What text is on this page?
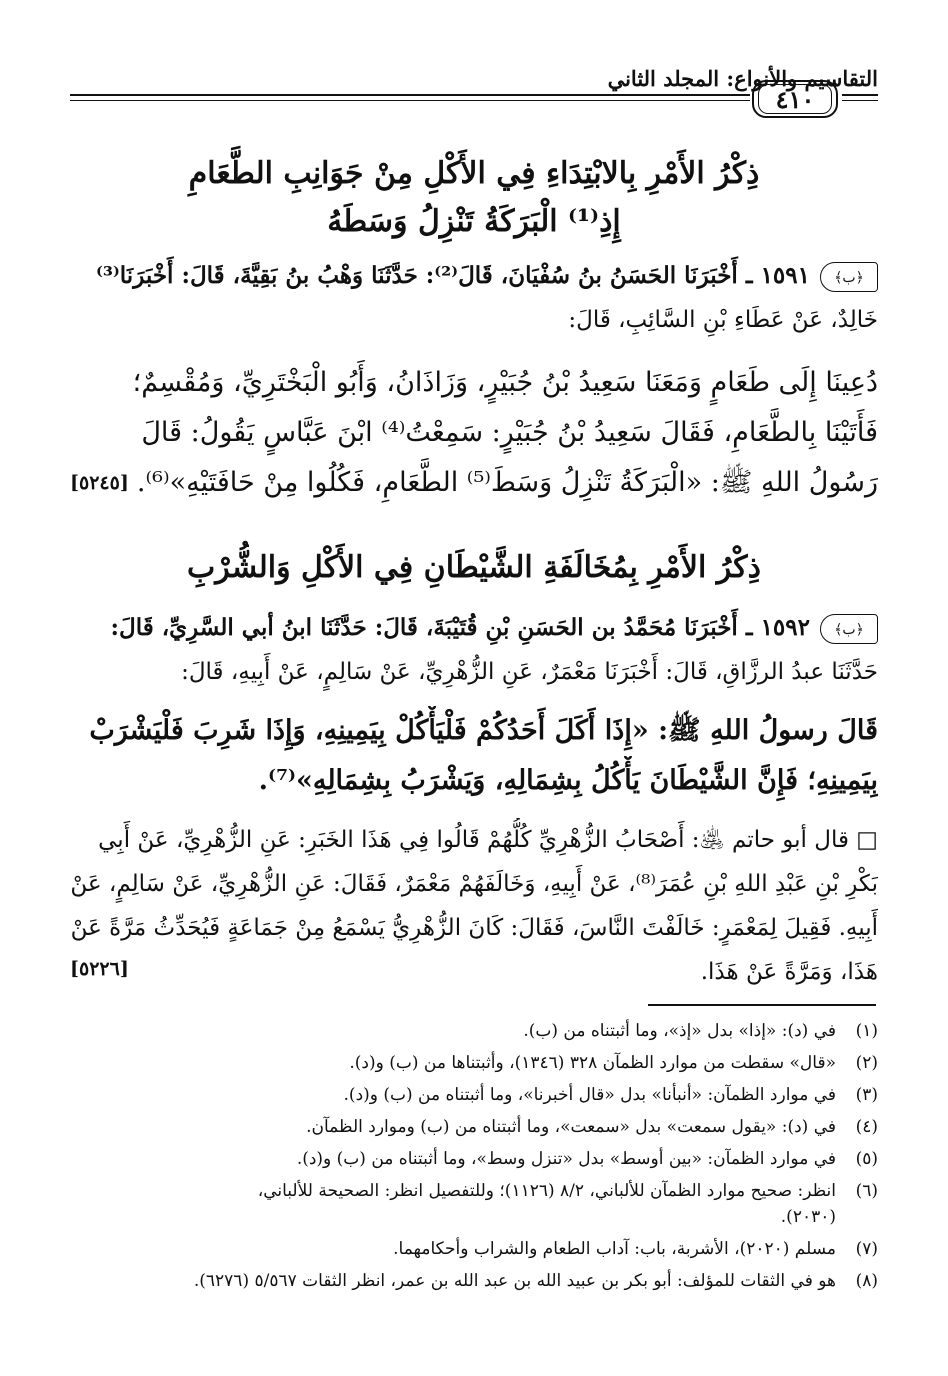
التقاسيم والأنواع: المجلد الثاني
٤١٠
ذِكْرُ الأَمْرِ بِالابْتِدَاءِ فِي الأَكْلِ مِنْ جَوَانِبِ الطَّعَامِ
إِذِ⁽¹⁾ الْبَرَكَةُ تَنْزِلُ وَسَطَهُ

﴿ب﴾١٥٩١ ـ أَخْبَرَنَا الحَسَنُ بنُ سُفْيَانَ، قَالَ⁽²⁾: حَدَّثَنَا وَهْبُ بنُ بَقِيَّةَ، قَالَ: أَخْبَرَنَا⁽³⁾

خَالِدٌ، عَنْ عَطَاءِ بْنِ السَّائِبِ، قَالَ:

دُعِينَا إِلَى طَعَامٍ وَمَعَنَا سَعِيدُ بْنُ جُبَيْرٍ، وَزَاذَانُ، وَأَبُو الْبَخْتَرِيِّ، وَمُقْسِمٌ؛

فَأَتَيْنَا بِالطَّعَامِ، فَقَالَ سَعِيدُ بْنُ جُبَيْرٍ: سَمِعْتُ⁽⁴⁾ ابْنَ عَبَّاسٍ يَقُولُ: قَالَ

رَسُولُ اللهِ ﷺ: «الْبَرَكَةُ تَنْزِلُ وَسَطَ⁽⁵⁾ الطَّعَامِ، فَكُلُوا مِنْ حَافَتَيْهِ»⁽⁶⁾.

[٥٢٤٥]
ذِكْرُ الأَمْرِ بِمُخَالَفَةِ الشَّيْطَانِ فِي الأَكْلِ وَالشُّرْبِ

﴿ب﴾١٥٩٢ ـ أَخْبَرَنَا مُحَمَّدُ بن الحَسَنِ بْنِ قُتَيْبَةَ، قَالَ: حَدَّثَنَا ابنُ أبي السَّرِيِّ، قَالَ:

حَدَّثَنَا عبدُ الرزَّاقِ، قَالَ: أَخْبَرَنَا مَعْمَرٌ، عَنِ الزُّهْرِيِّ، عَنْ سَالِمٍ، عَنْ أَبِيهِ، قَالَ:

قَالَ رسولُ اللهِ ﷺ: «إِذَا أَكَلَ أَحَدُكُمْ فَلْيَأْكُلْ بِيَمِينِهِ، وَإِذَا شَرِبَ فَلْيَشْرَبْ

بِيَمِينِهِ؛ فَإِنَّ الشَّيْطَانَ يَأْكُلُ بِشِمَالِهِ، وَيَشْرَبُ بِشِمَالِهِ»⁽⁷⁾.

□ قال أبو حاتم ﵁: أَصْحَابُ الزُّهْرِيِّ كُلُّهُمْ قَالُوا فِي هَذَا الخَبَرِ: عَنِ الزُّهْرِيِّ، عَنْ أَبِي

بَكْرِ بْنِ عَبْدِ اللهِ بْنِ عُمَرَ⁽⁸⁾، عَنْ أَبِيهِ، وَخَالَفَهُمْ مَعْمَرٌ، فَقَالَ: عَنِ الزُّهْرِيِّ، عَنْ سَالِمٍ، عَنْ

أَبِيهِ. فَقِيلَ لِمَعْمَرٍ: خَالَفْتَ النَّاسَ، فَقَالَ: كَانَ الزُّهْرِيُّ يَسْمَعُ مِنْ جَمَاعَةٍ فَيُحَدِّثُ مَرَّةً عَنْ

هَذَا، وَمَرَّةً عَنْ هَذَا.

[٥٢٢٦]
(١)في (د): «إذا» بدل «إذ»، وما أثبتناه من (ب).
(٢)«قال» سقطت من موارد الظمآن ٣٢٨ (١٣٤٦)، وأثبتناها من (ب) و(د).
(٣)في موارد الظمآن: «أنبأنا» بدل «قال أخبرنا»، وما أثبتناه من (ب) و(د).
(٤)في (د): «يقول سمعت» بدل «سمعت»، وما أثبتناه من (ب) وموارد الظمآن.
(٥)في موارد الظمآن: «بين أوسط» بدل «تنزل وسط»، وما أثبتناه من (ب) و(د).
(٦)انظر: صحيح موارد الظمآن للألباني، ٨/٢ (١١٢٦)؛ وللتفصيل انظر: الصحيحة للألباني،
(٢٠٣٠).
(٧)مسلم (٢٠٢٠)، الأشربة، باب: آداب الطعام والشراب وأحكامهما.
(٨)هو في الثقات للمؤلف: أبو بكر بن عبيد الله بن عبد الله بن عمر، انظر الثقات ٥/٥٦٧ (٦٢٧٦).
